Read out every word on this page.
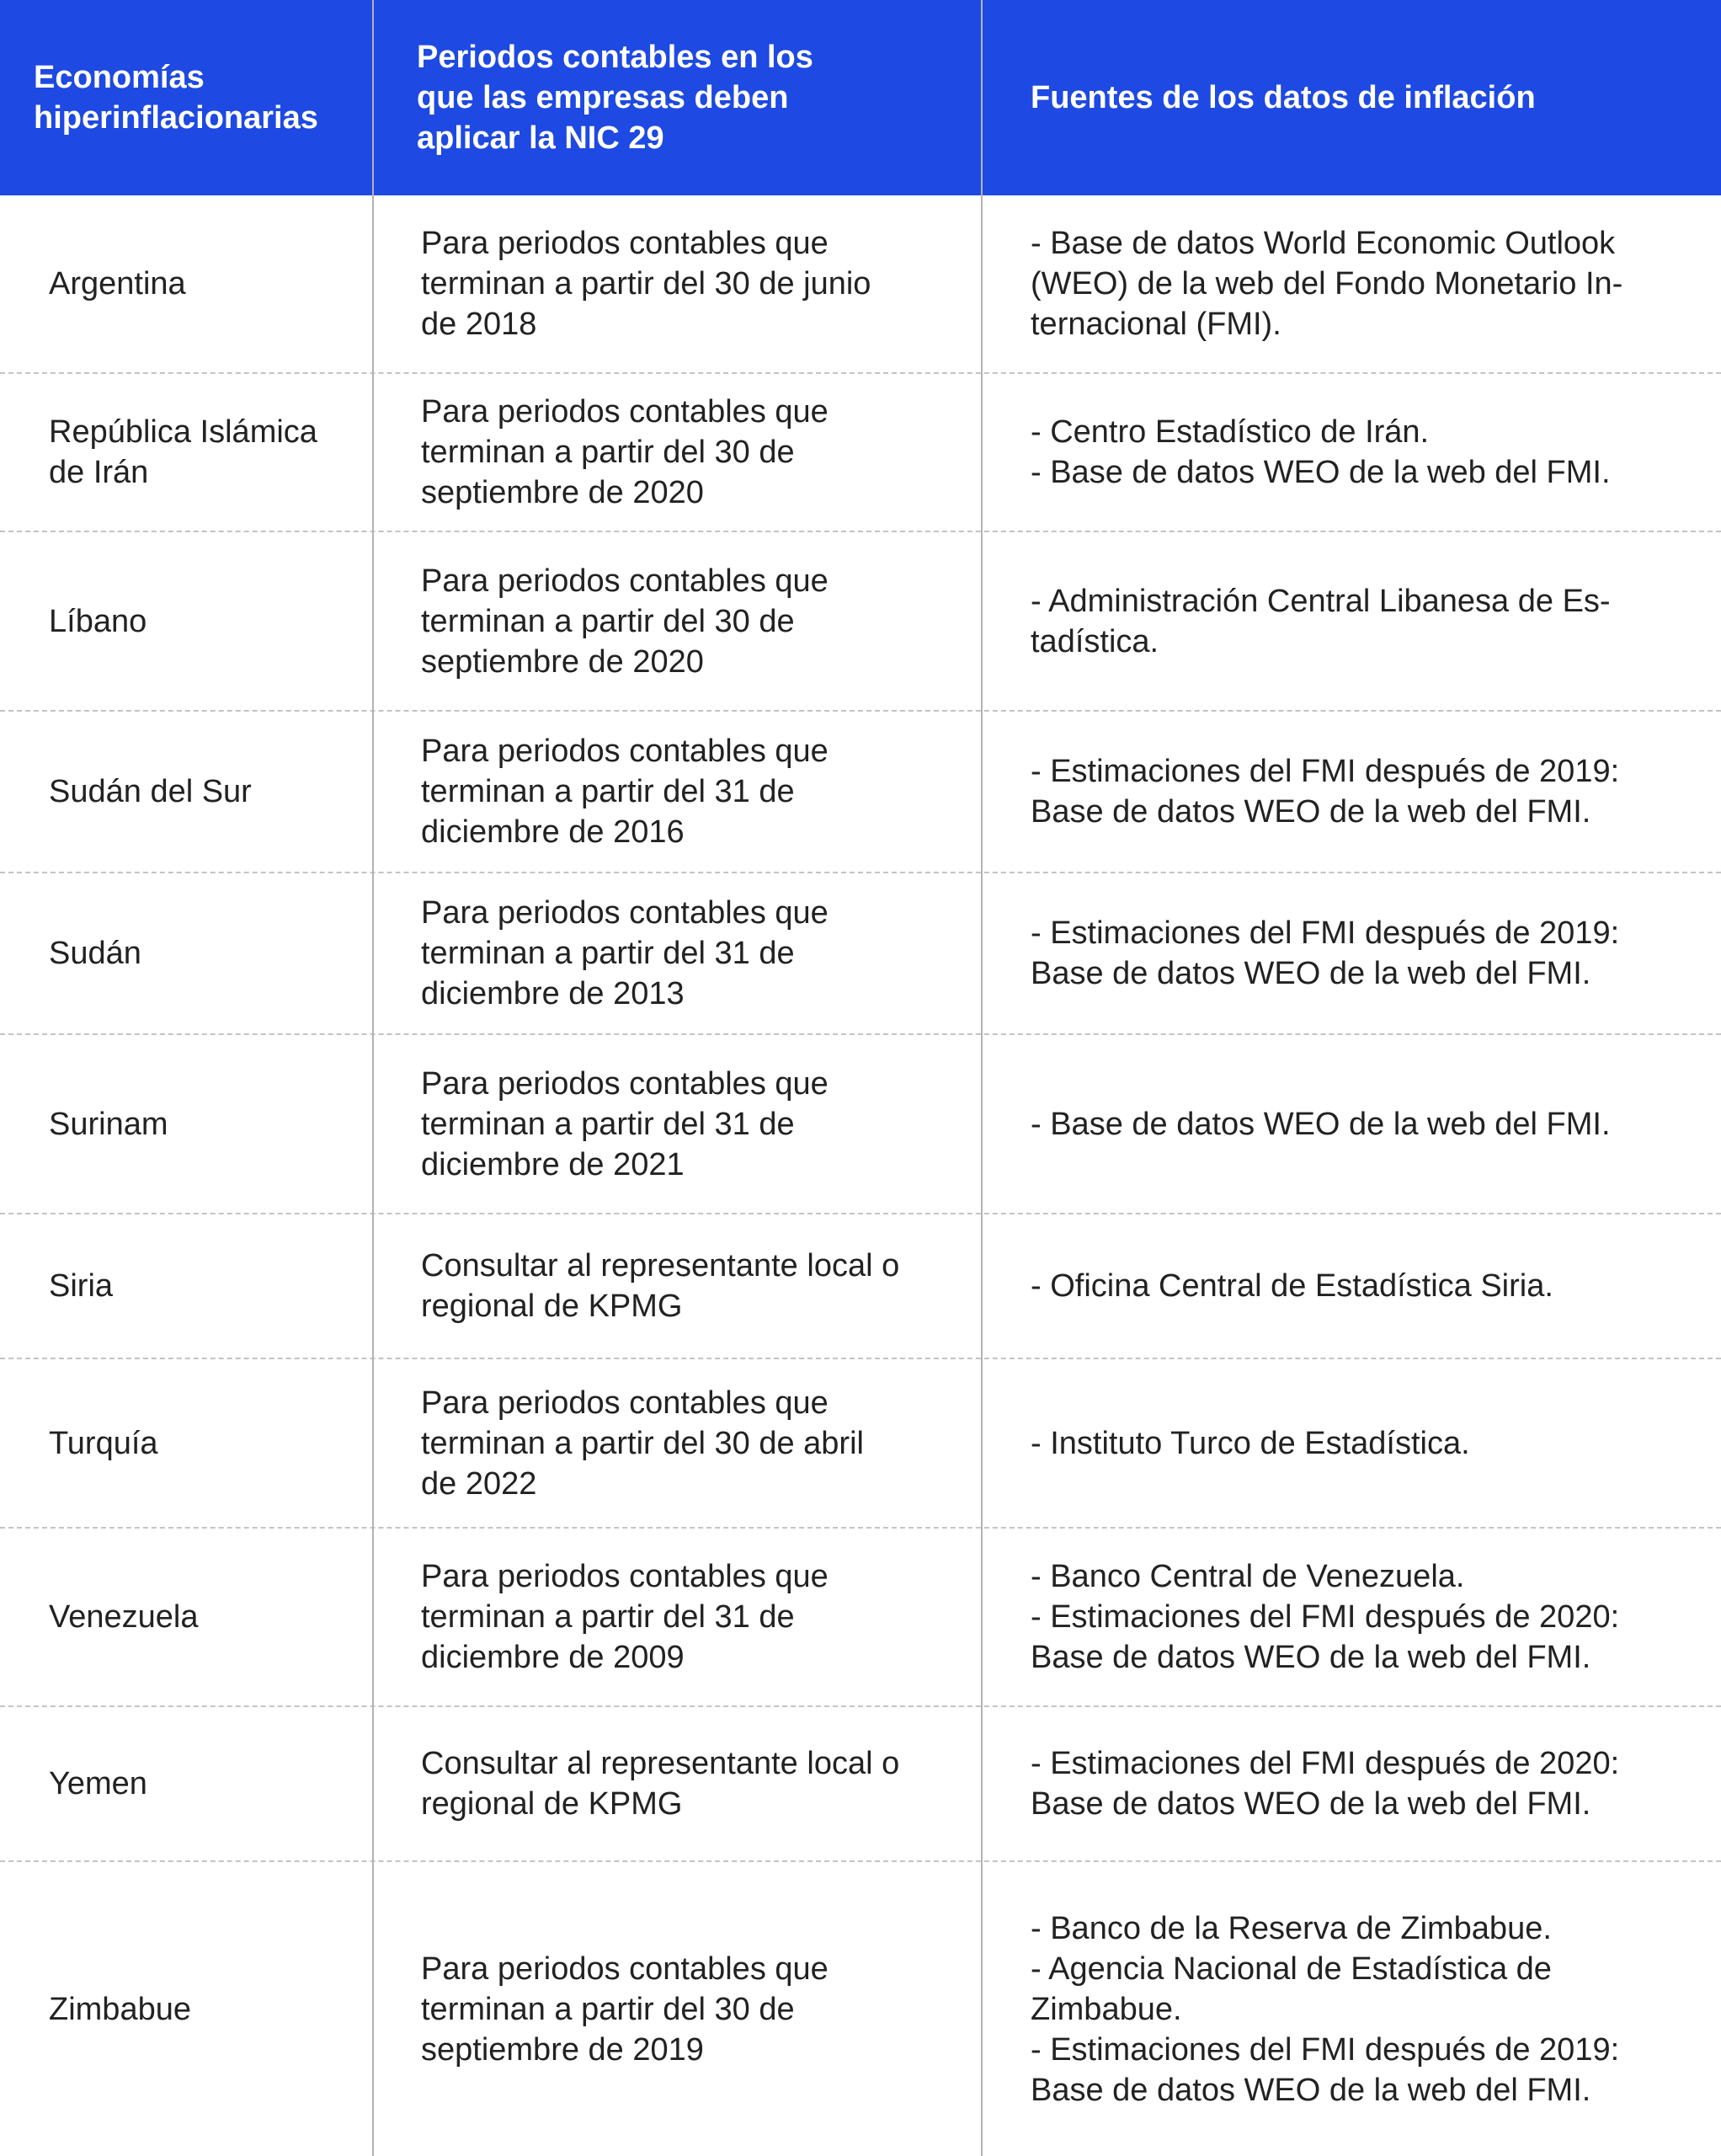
Economías
hiperinflacionarias
Periodos contables en los
que las empresas deben
aplicar la NIC 29
Fuentes de los datos de inflación
Argentina
Para periodos contables que
terminan a partir del 30 de junio
de 2018
- Base de datos World Economic Outlook
(WEO) de la web del Fondo Monetario In-
ternacional (FMI).
República Islámica
de Irán
Para periodos contables que
terminan a partir del 30 de
septiembre de 2020
- Centro Estadístico de Irán.
- Base de datos WEO de la web del FMI.
Líbano
Para periodos contables que
terminan a partir del 30 de
septiembre de 2020
- Administración Central Libanesa de Es-
tadística.
Sudán del Sur
Para periodos contables que
terminan a partir del 31 de
diciembre de 2016
- Estimaciones del FMI después de 2019:
Base de datos WEO de la web del FMI.
Sudán
Para periodos contables que
terminan a partir del 31 de
diciembre de 2013
- Estimaciones del FMI después de 2019:
Base de datos WEO de la web del FMI.
Surinam
Para periodos contables que
terminan a partir del 31 de
diciembre de 2021
- Base de datos WEO de la web del FMI.
Siria
Consultar al representante local o
regional de KPMG
- Oficina Central de Estadística Siria.
Turquía
Para periodos contables que
terminan a partir del 30 de abril
de 2022
- Instituto Turco de Estadística.
Venezuela
Para periodos contables que
terminan a partir del 31 de
diciembre de 2009
- Banco Central de Venezuela.
- Estimaciones del FMI después de 2020:
Base de datos WEO de la web del FMI.
Yemen
Consultar al representante local o
regional de KPMG
- Estimaciones del FMI después de 2020:
Base de datos WEO de la web del FMI.
Zimbabue
Para periodos contables que
terminan a partir del 30 de
septiembre de 2019
- Banco de la Reserva de Zimbabue.
- Agencia Nacional de Estadística de
Zimbabue.
- Estimaciones del FMI después de 2019:
Base de datos WEO de la web del FMI.
